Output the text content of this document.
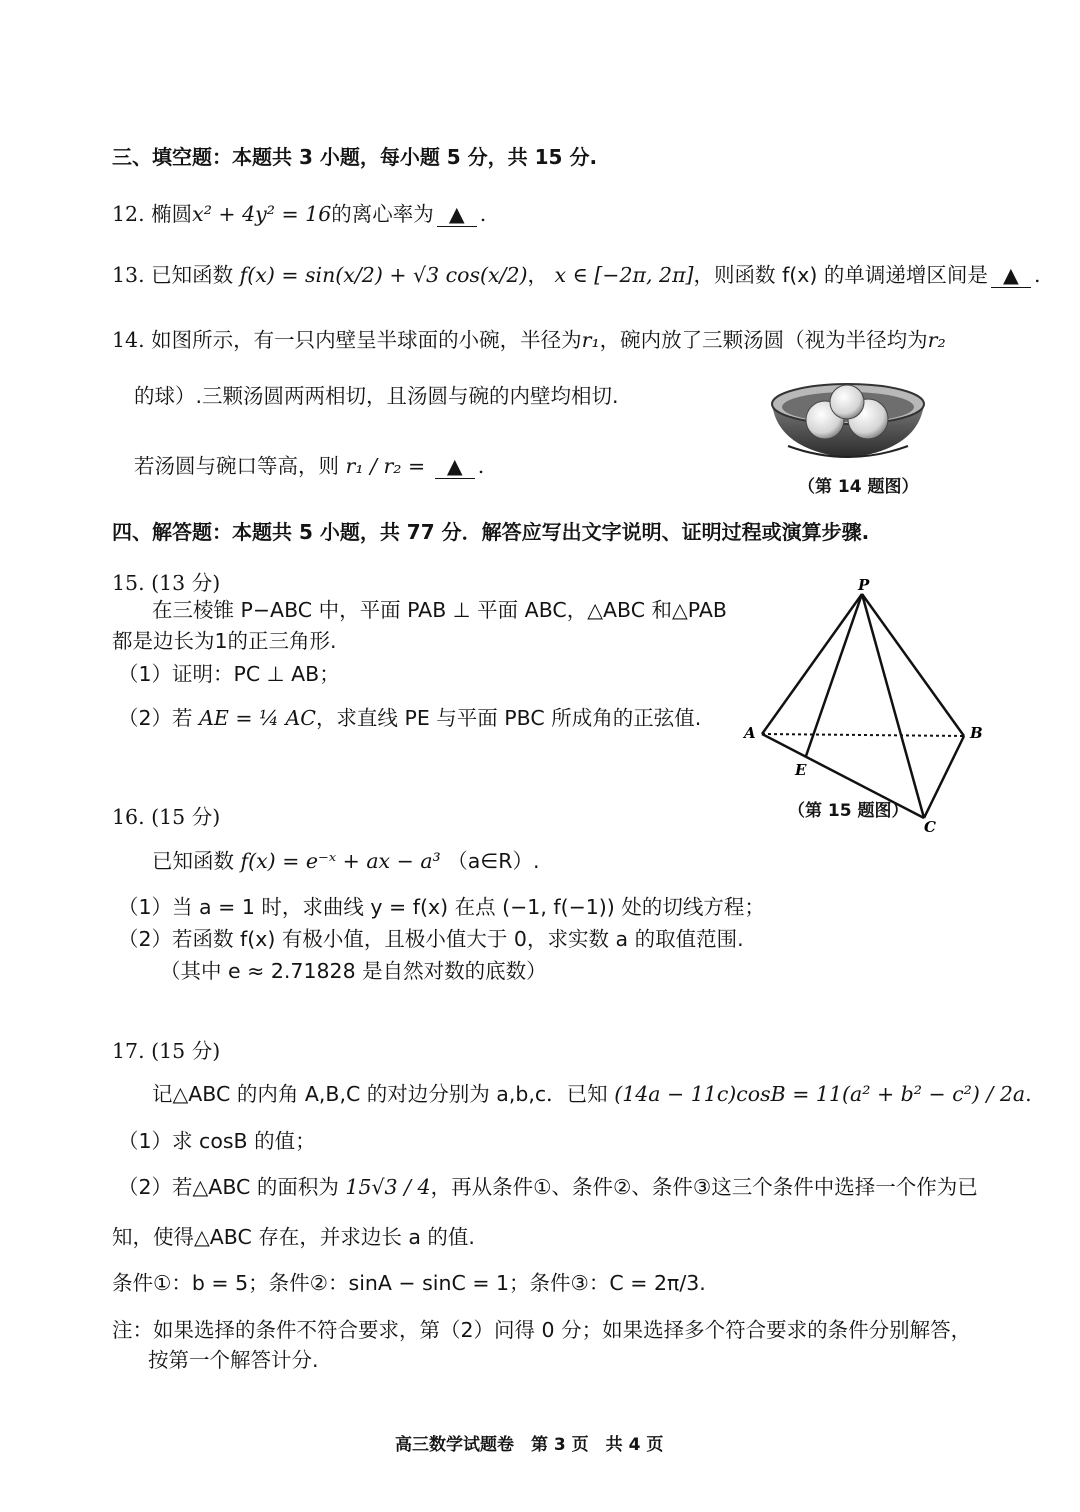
三、填空题：本题共 3 小题，每小题 5 分，共 15 分.
12. 椭圆x² + 4y² = 16的离心率为 ▲ .
13. 已知函数 f(x) = sin(x/2) + √3 cos(x/2)， x ∈ [−2π, 2π]，则函数 f(x) 的单调递增区间是 ▲ .
14. 如图所示，有一只内壁呈半球面的小碗，半径为r₁，碗内放了三颗汤圆（视为半径均为r₂
的球）.三颗汤圆两两相切，且汤圆与碗的内壁均相切.
若汤圆与碗口等高，则 r₁ / r₂ = ▲ .
（第 14 题图）
四、解答题：本题共 5 小题，共 77 分．解答应写出文字说明、证明过程或演算步骤.
15. (13 分)
在三棱锥 P−ABC 中，平面 PAB ⊥ 平面 ABC，△ABC 和△PAB
都是边长为1的正三角形.
（1）证明：PC ⊥ AB；
（2）若 AE = ¼ AC，求直线 PE 与平面 PBC 所成角的正弦值.
P
A	B
C
E
（第 15 题图）
16. (15 分)
已知函数 f(x) = e⁻ˣ + ax − a³ （a∈R）.
（1）当 a = 1 时，求曲线 y = f(x) 在点 (−1, f(−1)) 处的切线方程；
（2）若函数 f(x) 有极小值，且极小值大于 0，求实数 a 的取值范围.
（其中 e ≈ 2.71828 是自然对数的底数）
17. (15 分)
记△ABC 的内角 A,B,C 的对边分别为 a,b,c．已知 (14a − 11c)cosB = 11(a² + b² − c²) / 2a.
（1）求 cosB 的值；
（2）若△ABC 的面积为 15√3 / 4，再从条件①、条件②、条件③这三个条件中选择一个作为已
知，使得△ABC 存在，并求边长 a 的值.
条件①：b = 5；条件②：sinA − sinC = 1；条件③：C = 2π/3.
注：如果选择的条件不符合要求，第（2）问得 0 分；如果选择多个符合要求的条件分别解答，
按第一个解答计分.
高三数学试题卷　第 3 页　共 4 页
